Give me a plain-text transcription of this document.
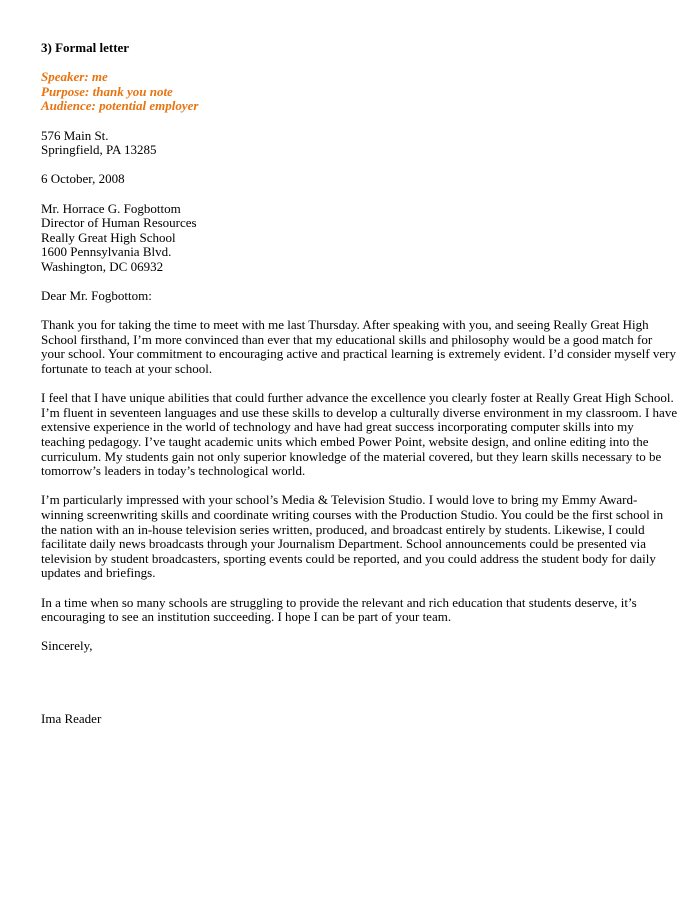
3) Formal letter
Speaker: me
Purpose: thank you note
Audience: potential employer
576 Main St.
Springfield, PA 13285
6 October, 2008
Mr. Horrace G. Fogbottom
Director of Human Resources
Really Great High School
1600 Pennsylvania Blvd.
Washington, DC 06932
Dear Mr. Fogbottom:
Thank you for taking the time to meet with me last Thursday. After speaking with you, and seeing Really Great High
School firsthand, I’m more convinced than ever that my educational skills and philosophy would be a good match for
your school. Your commitment to encouraging active and practical learning is extremely evident. I’d consider myself very
fortunate to teach at your school.
I feel that I have unique abilities that could further advance the excellence you clearly foster at Really Great High School.
I’m fluent in seventeen languages and use these skills to develop a culturally diverse environment in my classroom. I have
extensive experience in the world of technology and have had great success incorporating computer skills into my
teaching pedagogy. I’ve taught academic units which embed Power Point, website design, and online editing into the
curriculum. My students gain not only superior knowledge of the material covered, but they learn skills necessary to be
tomorrow’s leaders in today’s technological world.
I’m particularly impressed with your school’s Media & Television Studio. I would love to bring my Emmy Award-
winning screenwriting skills and coordinate writing courses with the Production Studio. You could be the first school in
the nation with an in-house television series written, produced, and broadcast entirely by students. Likewise, I could
facilitate daily news broadcasts through your Journalism Department. School announcements could be presented via
television by student broadcasters, sporting events could be reported, and you could address the student body for daily
updates and briefings.
In a time when so many schools are struggling to provide the relevant and rich education that students deserve, it’s
encouraging to see an institution succeeding. I hope I can be part of your team.
Sincerely,
Ima Reader
